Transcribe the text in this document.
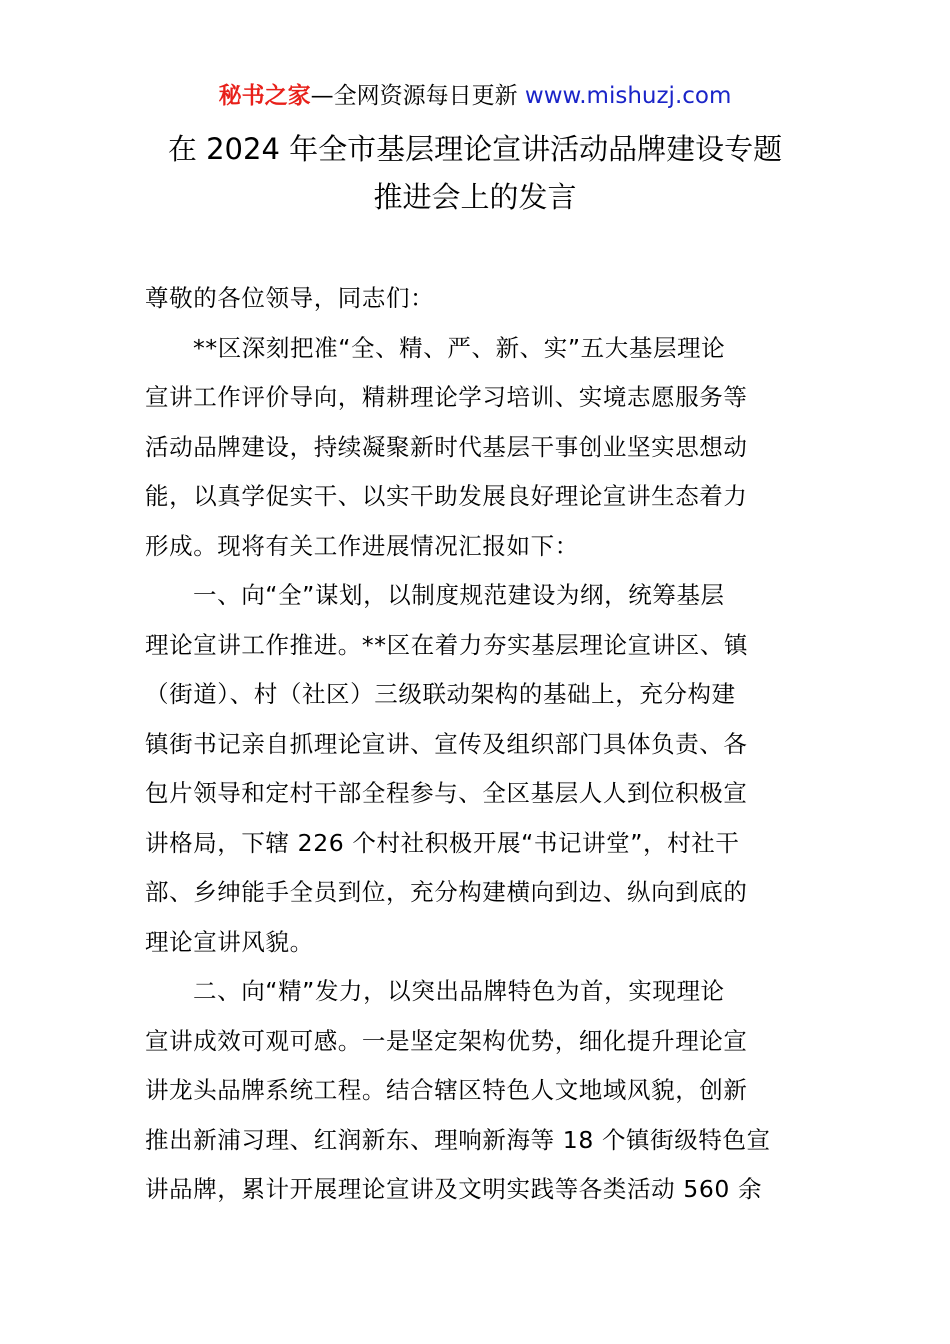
秘书之家—全网资源每日更新 www.mishuzj.com
在 2024 年全市基层理论宣讲活动品牌建设专题
推进会上的发言
尊敬的各位领导，同志们：
**区深刻把准“全、精、严、新、实”五大基层理论
宣讲工作评价导向，精耕理论学习培训、实境志愿服务等
活动品牌建设，持续凝聚新时代基层干事创业坚实思想动
能，以真学促实干、以实干助发展良好理论宣讲生态着力
形成。现将有关工作进展情况汇报如下：
一、向“全”谋划，以制度规范建设为纲，统筹基层
理论宣讲工作推进。**区在着力夯实基层理论宣讲区、镇
（街道）、村（社区）三级联动架构的基础上，充分构建
镇街书记亲自抓理论宣讲、宣传及组织部门具体负责、各
包片领导和定村干部全程参与、全区基层人人到位积极宣
讲格局，下辖 226 个村社积极开展“书记讲堂”，村社干
部、乡绅能手全员到位，充分构建横向到边、纵向到底的
理论宣讲风貌。
二、向“精”发力，以突出品牌特色为首，实现理论
宣讲成效可观可感。一是坚定架构优势，细化提升理论宣
讲龙头品牌系统工程。结合辖区特色人文地域风貌，创新
推出新浦习理、红润新东、理响新海等 18 个镇街级特色宣
讲品牌，累计开展理论宣讲及文明实践等各类活动 560 余
